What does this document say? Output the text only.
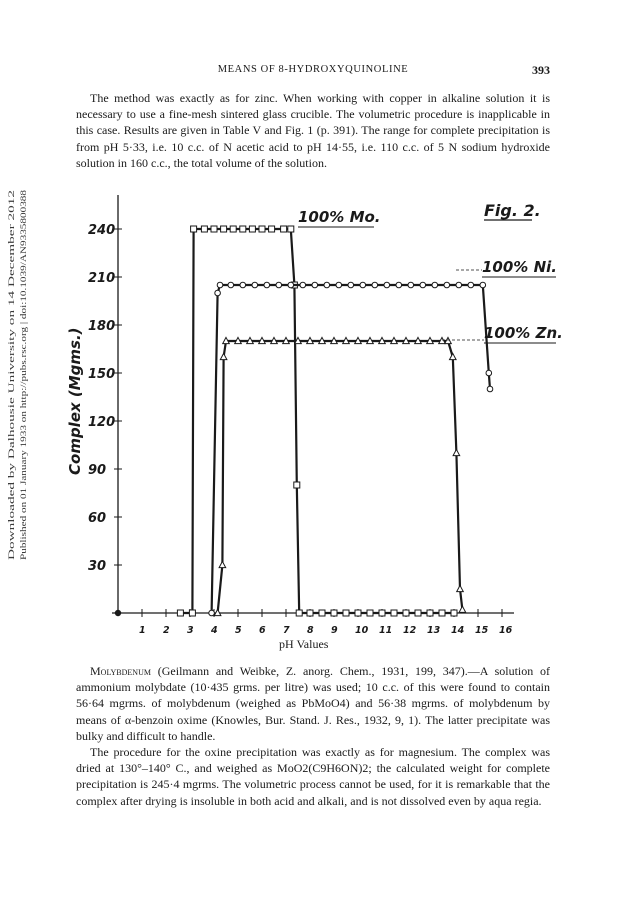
Downloaded by Dalhousie University on 14 December 2012 Published on 01 January 1933 on http://pubs.rsc.org | doi:10.1039/AN9335800388
MEANS OF 8-HYDROXYQUINOLINE	393

The method was exactly as for zinc. When working with copper in alkaline solution it is necessary to use a fine-mesh sintered glass crucible. The volumetric procedure is inapplicable in this case. Results are given in Table V and Fig. 1 (p. 391). The range for complete precipitation is from pH 5·33, i.e. 10 c.c. of N acetic acid to pH 14·55, i.e. 110 c.c. of 5 N sodium hydroxide solution in 160 c.c., the total volume of the solution.

30
60
90
120
150
180
210
240
1 2 3 4 5 6 7 8 9 10 11 12 13 14 15 16
Fig. 2.
100% Mo.
100% Ni.
100% Zn.
Complex (Mgms.)
pH Values

Molybdenum (Geilmann and Weibke, Z. anorg. Chem., 1931, 199, 347).—A solution of ammonium molybdate (10·435 grms. per litre) was used; 10 c.c. of this were found to contain 56·64 mgrms. of molybdenum (weighed as PbMoO4) and 56·38 mgrms. of molybdenum by means of α-benzoin oxime (Knowles, Bur. Stand. J. Res., 1932, 9, 1). The latter precipitate was bulky and difficult to handle.

The procedure for the oxine precipitation was exactly as for magnesium. The complex was dried at 130°–140° C., and weighed as MoO2(C9H6ON)2; the calculated weight for complete precipitation is 245·4 mgrms. The volumetric process cannot be used, for it is remarkable that the complex after drying is insoluble in both acid and alkali, and is not dissolved even by aqua regia.
